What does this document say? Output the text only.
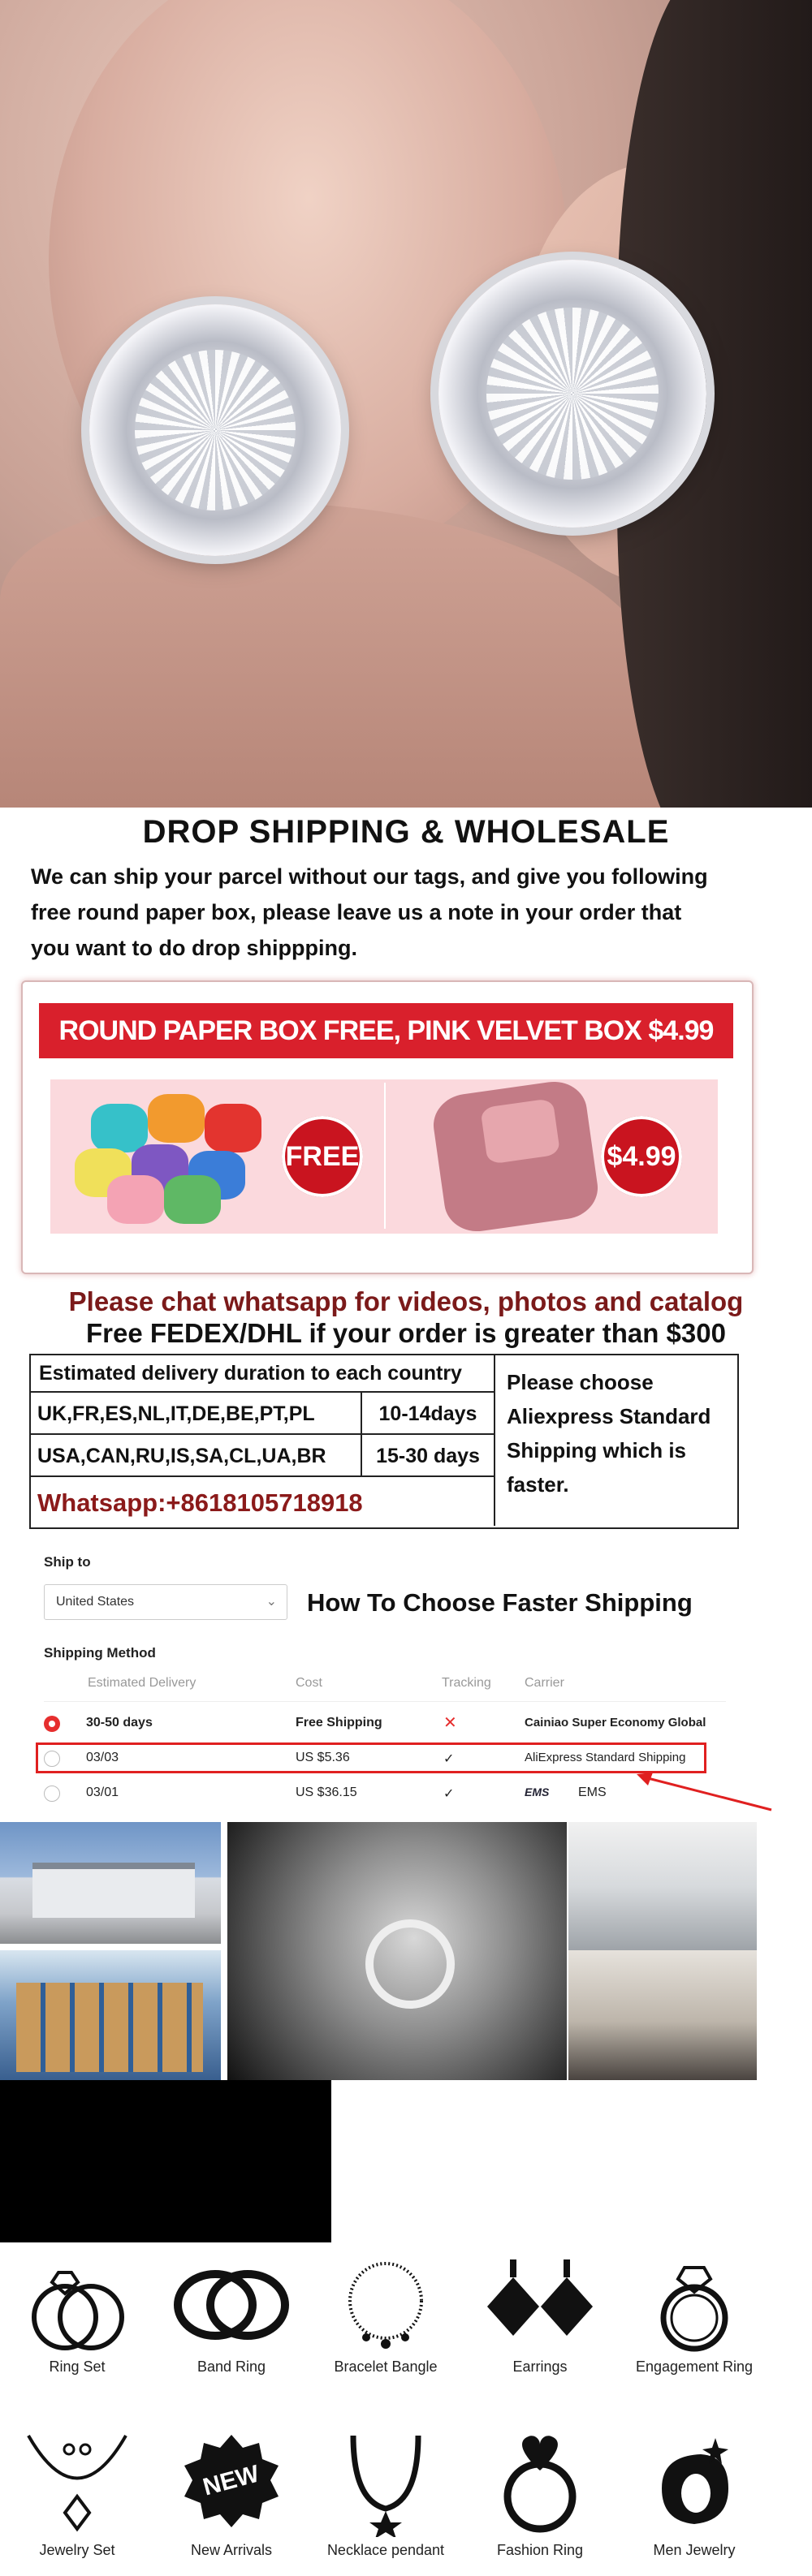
DROP SHIPPING & WHOLESALE
We can ship your parcel without our tags, and give you following
free round paper box, please leave us a note in your order that
you want to do drop shippping.
ROUND PAPER BOX FREE, PINK VELVET BOX $4.99
FREE	$4.99
Please chat whatsapp for videos, photos and catalog
Free FEDEX/DHL if your order is greater than $300
Estimated delivery duration to each country
UK,FR,ES,NL,IT,DE,BE,PT,PL	10-14days
USA,CAN,RU,IS,SA,CL,UA,BR	15-30 days
Whatsapp:+8618105718918
Please choose
Aliexpress Standard
Shipping which is
faster.
Ship to
United States	⌄ How To Choose Faster Shipping
Shipping Method
Estimated Delivery	Cost	Tracking	Carrier
30-50 days	Free Shipping	✕	Cainiao Super Economy Global
03/03	US $5.36	✓	AliExpress Standard Shipping
03/01	US $36.15	✓	EMS EMS
Ring Set	Band Ring	Bracelet Bangle	Earrings	Engagement Ring
Jewelry Set
NEW
New Arrivals	Necklace pendant	Fashion Ring	Men Jewelry
